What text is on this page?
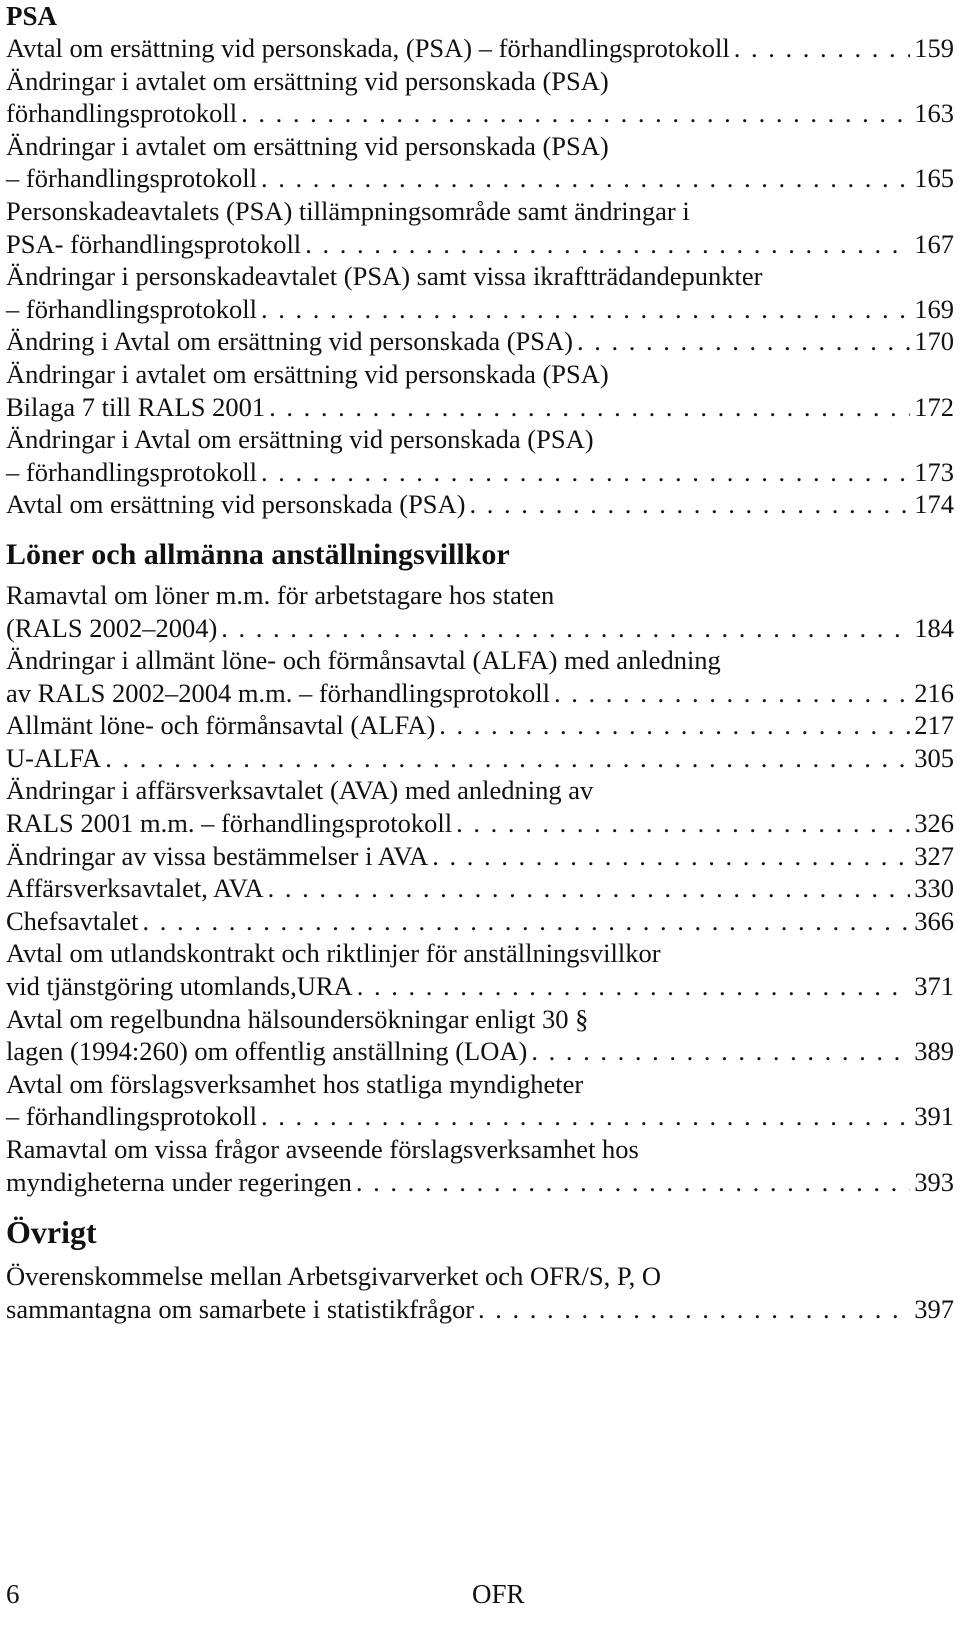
PSA
Avtal om ersättning vid personskada, (PSA) – förhandlingsprotokoll . . .	159
Ändringar i avtalet om ersättning vid personskada (PSA)
förhandlingsprotokoll . . .	163
Ändringar i avtalet om ersättning vid personskada (PSA)
– förhandlingsprotokoll . . .	165
Personskadeavtalets (PSA) tillämpningsområde samt ändringar i
PSA- förhandlingsprotokoll . . .	167
Ändringar i personskadeavtalet (PSA) samt vissa ikraftträdandepunkter
– förhandlingsprotokoll . . .	169
Ändring i Avtal om ersättning vid personskada (PSA) . . .	170
Ändringar i avtalet om ersättning vid personskada (PSA)
Bilaga 7 till RALS 2001 . . .	172
Ändringar i Avtal om ersättning vid personskada (PSA)
– förhandlingsprotokoll . . .	173
Avtal om ersättning vid personskada (PSA) . . .	174
Löner och allmänna anställningsvillkor
Ramavtal om löner m.m. för arbetstagare hos staten
(RALS 2002–2004) . . .	184
Ändringar i allmänt löne- och förmånsavtal (ALFA) med anledning
av RALS 2002–2004 m.m. – förhandlingsprotokoll . . .	216
Allmänt löne- och förmånsavtal (ALFA) . . .	217
U-ALFA . . .	305
Ändringar i affärsverksavtalet (AVA) med anledning av
RALS 2001 m.m. – förhandlingsprotokoll . . .	326
Ändringar av vissa bestämmelser i AVA . . .	327
Affärsverksavtalet, AVA . . .	330
Chefsavtalet . . .	366
Avtal om utlandskontrakt och riktlinjer för anställningsvillkor
vid tjänstgöring utomlands,URA . . .	371
Avtal om regelbundna hälsoundersökningar enligt 30 §
lagen (1994:260) om offentlig anställning (LOA) . . .	389
Avtal om förslagsverksamhet hos statliga myndigheter
– förhandlingsprotokoll . . .	391
Ramavtal om vissa frågor avseende förslagsverksamhet hos
myndigheterna under regeringen . . .	393
Övrigt
Överenskommelse mellan Arbetsgivarverket och OFR/S, P, O
sammantagna om samarbete i statistikfrågor . . .	397
6	OFR
